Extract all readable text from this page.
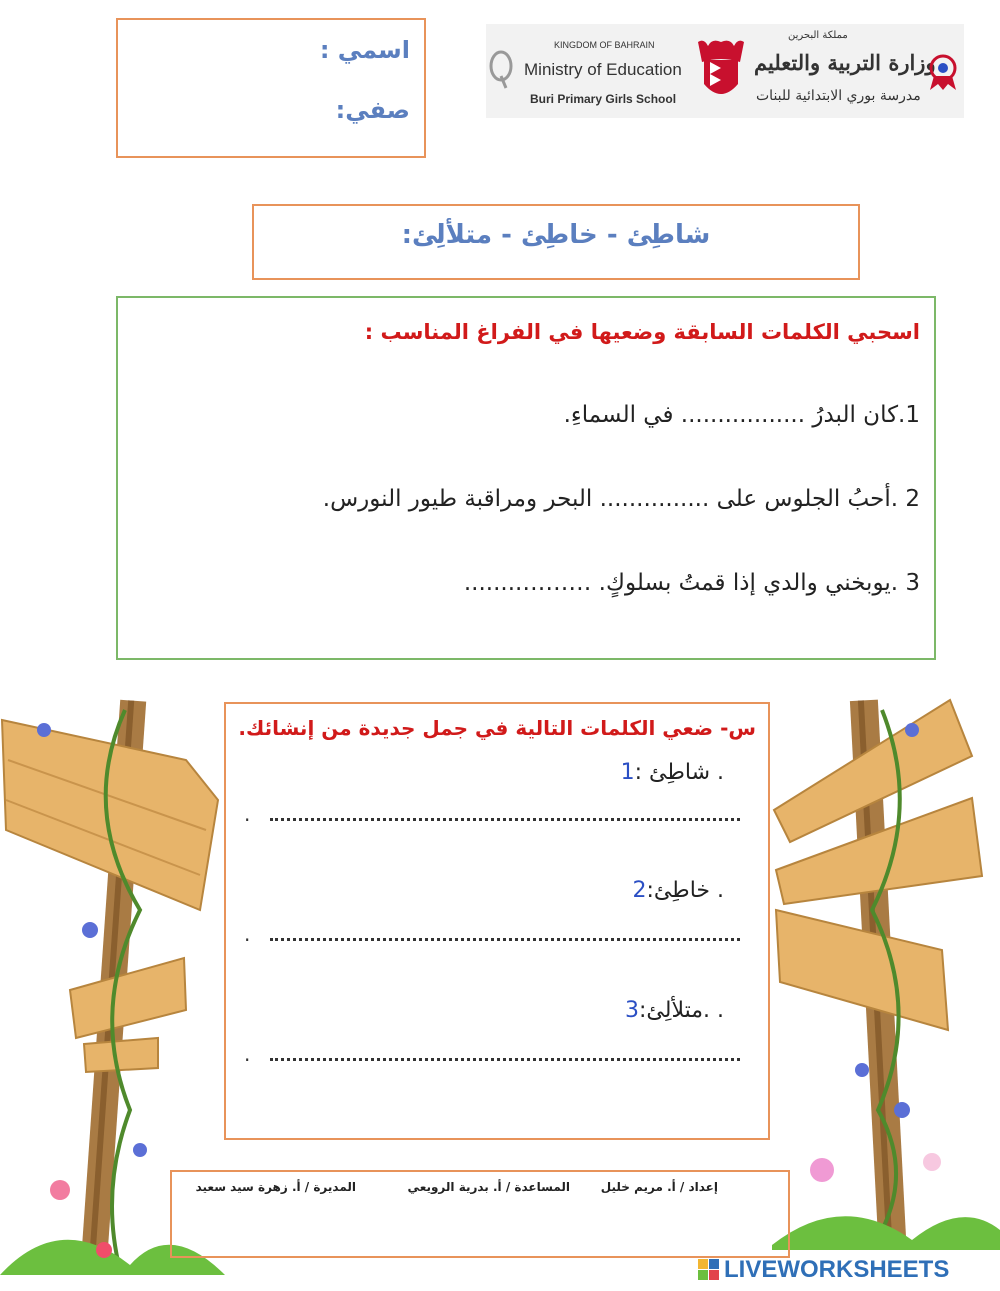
اسمي :
صفي:
KINGDOM OF BAHRAIN
Ministry of Education
Buri Primary Girls School
مملكة البحرين
وزارة التربية والتعليم
مدرسة بوري الابتدائية للبنات
شاطِئ - خاطِئ - متلألِئ:
اسحبي الكلمات السابقة وضعيها في الفراغ المناسب :
1.كان البدرُ ................. في السماءِ.
2 .أحبُ الجلوس على ............... البحر ومراقبة طيور النورس.
3 .يوبخني والدي إذا قمتُ بسلوكٍ. ………........
س- ضعي الكلمات التالية في جمل جديدة من إنشائك.
. شاطِئ :1
.
. خاطِئ:2
.
. .متلألِئ:3
.
إعداد / أ. مريم خليل
المساعدة / أ. بدرية الرويعي
المديرة / أ. زهرة سيد سعيد
LIVEWORKSHEETS
